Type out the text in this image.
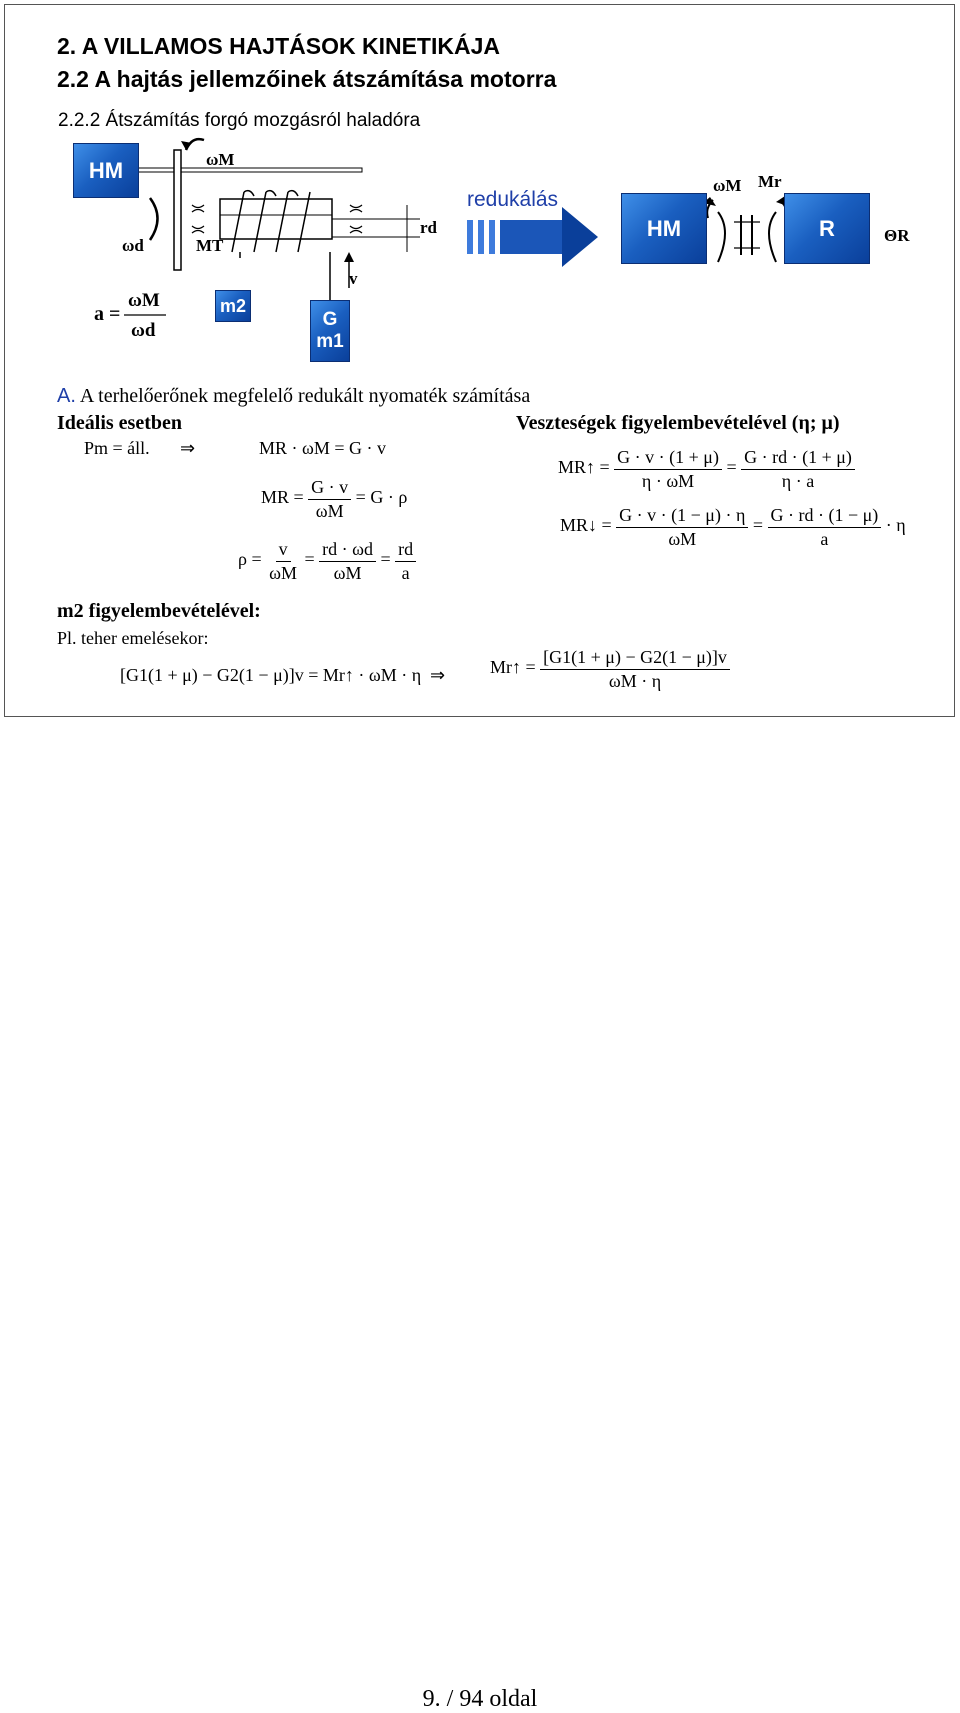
2. A VILLAMOS HAJTÁSOK KINETIKÁJA
2.2 A hajtás jellemzőinek átszámítása motorra
2.2.2 Átszámítás forgó mozgásról haladóra
HM
m2
G
m1
HM	R
ωM
ωd	MT
rd
v
a =
ωM
ωd
redukálás
ωM Mr
ΘR
A. A terhelőerőnek megfelelő redukált nyomaték számítása
Ideális esetben	Veszteségek figyelembevételével (η; μ)
Pm = áll. ⇒	MR · ωM = G · v
MR = $\frac{G \cdot v}{\omega M} = G \cdot \rho$
$\rho = \frac{v}{\omega M} = \frac{rd \cdot \omega d}{\omega M} = \frac{rd}{a}$
MR↑ = $\frac{G \cdot v \cdot (1 + \mu)}{\eta \cdot \omega M} = \frac{G \cdot rd \cdot (1 + \mu)}{\eta \cdot a}$
MR↓ = $\frac{G \cdot v \cdot (1 - \mu) \cdot \eta}{\omega M} = \frac{G \cdot rd \cdot (1 - \mu)}{a} \cdot \eta$
m2 figyelembevételével:
Pl. teher emelésekor:
[G1(1 + μ) − G2(1 − μ)]v = Mr↑ · ωM · η ⇒ Mr↑ = $\frac{[G1(1 + \mu) - G2(1 - \mu)]v}{\omega M \cdot \eta}$
9. / 94 oldal
